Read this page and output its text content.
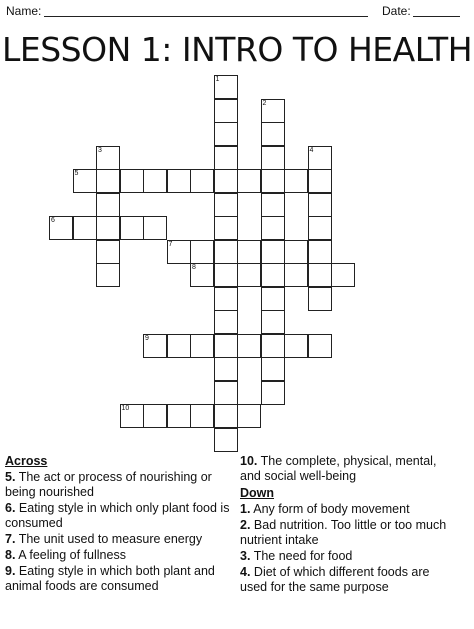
Name:	Date:
LESSON 1: INTRO TO HEALTH
5
6
7
8
9
10
1
2
3	4
Across
5. The act or process of nourishing or being nourished
6. Eating style in which only plant food is consumed
7. The unit used to measure energy
8. A feeling of fullness
9. Eating style in which both plant and animal foods are consumed
10. The complete, physical, mental, and social well-being
Down
1. Any form of body movement
2. Bad nutrition. Too little or too much nutrient intake
3. The need for food
4. Diet of which different foods are used for the same purpose
